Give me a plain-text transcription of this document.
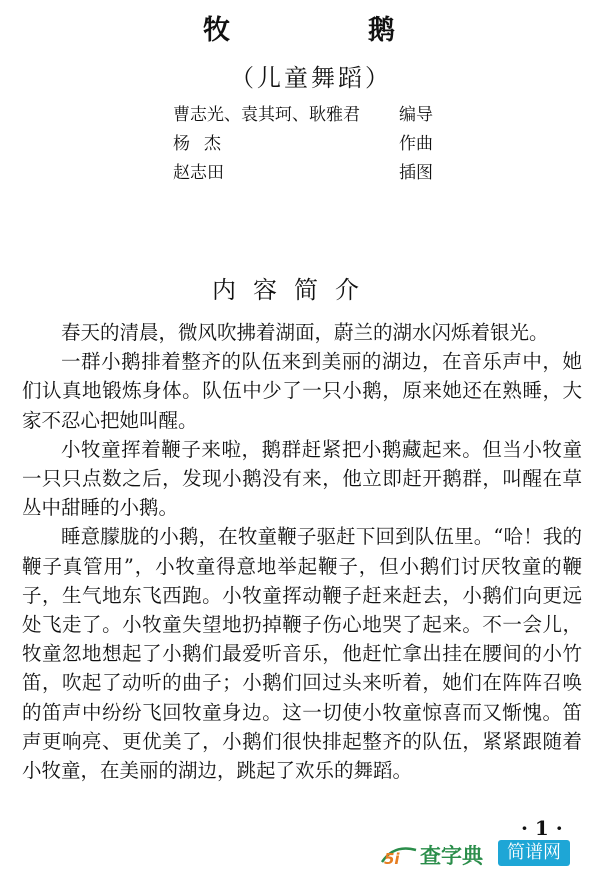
牧	鹅
（儿童舞蹈）
曹志光、袁其珂、耿雅君 编导
杨杰	作曲
赵志田	插图
内容简介

春天的清晨，微风吹拂着湖面，蔚兰的湖水闪烁着银光。

一群小鹅排着整齐的队伍来到美丽的湖边，在音乐声中，她们认真地锻炼身体。队伍中少了一只小鹅，原来她还在熟睡，大家不忍心把她叫醒。

小牧童挥着鞭子来啦，鹅群赶紧把小鹅藏起来。但当小牧童一只只点数之后，发现小鹅没有来，他立即赶开鹅群，叫醒在草丛中甜睡的小鹅。

睡意朦胧的小鹅，在牧童鞭子驱赶下回到队伍里。“哈！我的鞭子真管用”，小牧童得意地举起鞭子，但小鹅们讨厌牧童的鞭子，生气地东飞西跑。小牧童挥动鞭子赶来赶去，小鹅们向更远处飞走了。小牧童失望地扔掉鞭子伤心地哭了起来。不一会儿，牧童忽地想起了小鹅们最爱听音乐，他赶忙拿出挂在腰间的小竹笛，吹起了动听的曲子；小鹅们回过头来听着，她们在阵阵召唤的笛声中纷纷飞回牧童身边。这一切使小牧童惊喜而又惭愧。笛声更响亮、更优美了，小鹅们很快排起整齐的队伍，紧紧跟随着小牧童，在美丽的湖边，跳起了欢乐的舞蹈。

· 1 ·
5i 查字典	简谱网
